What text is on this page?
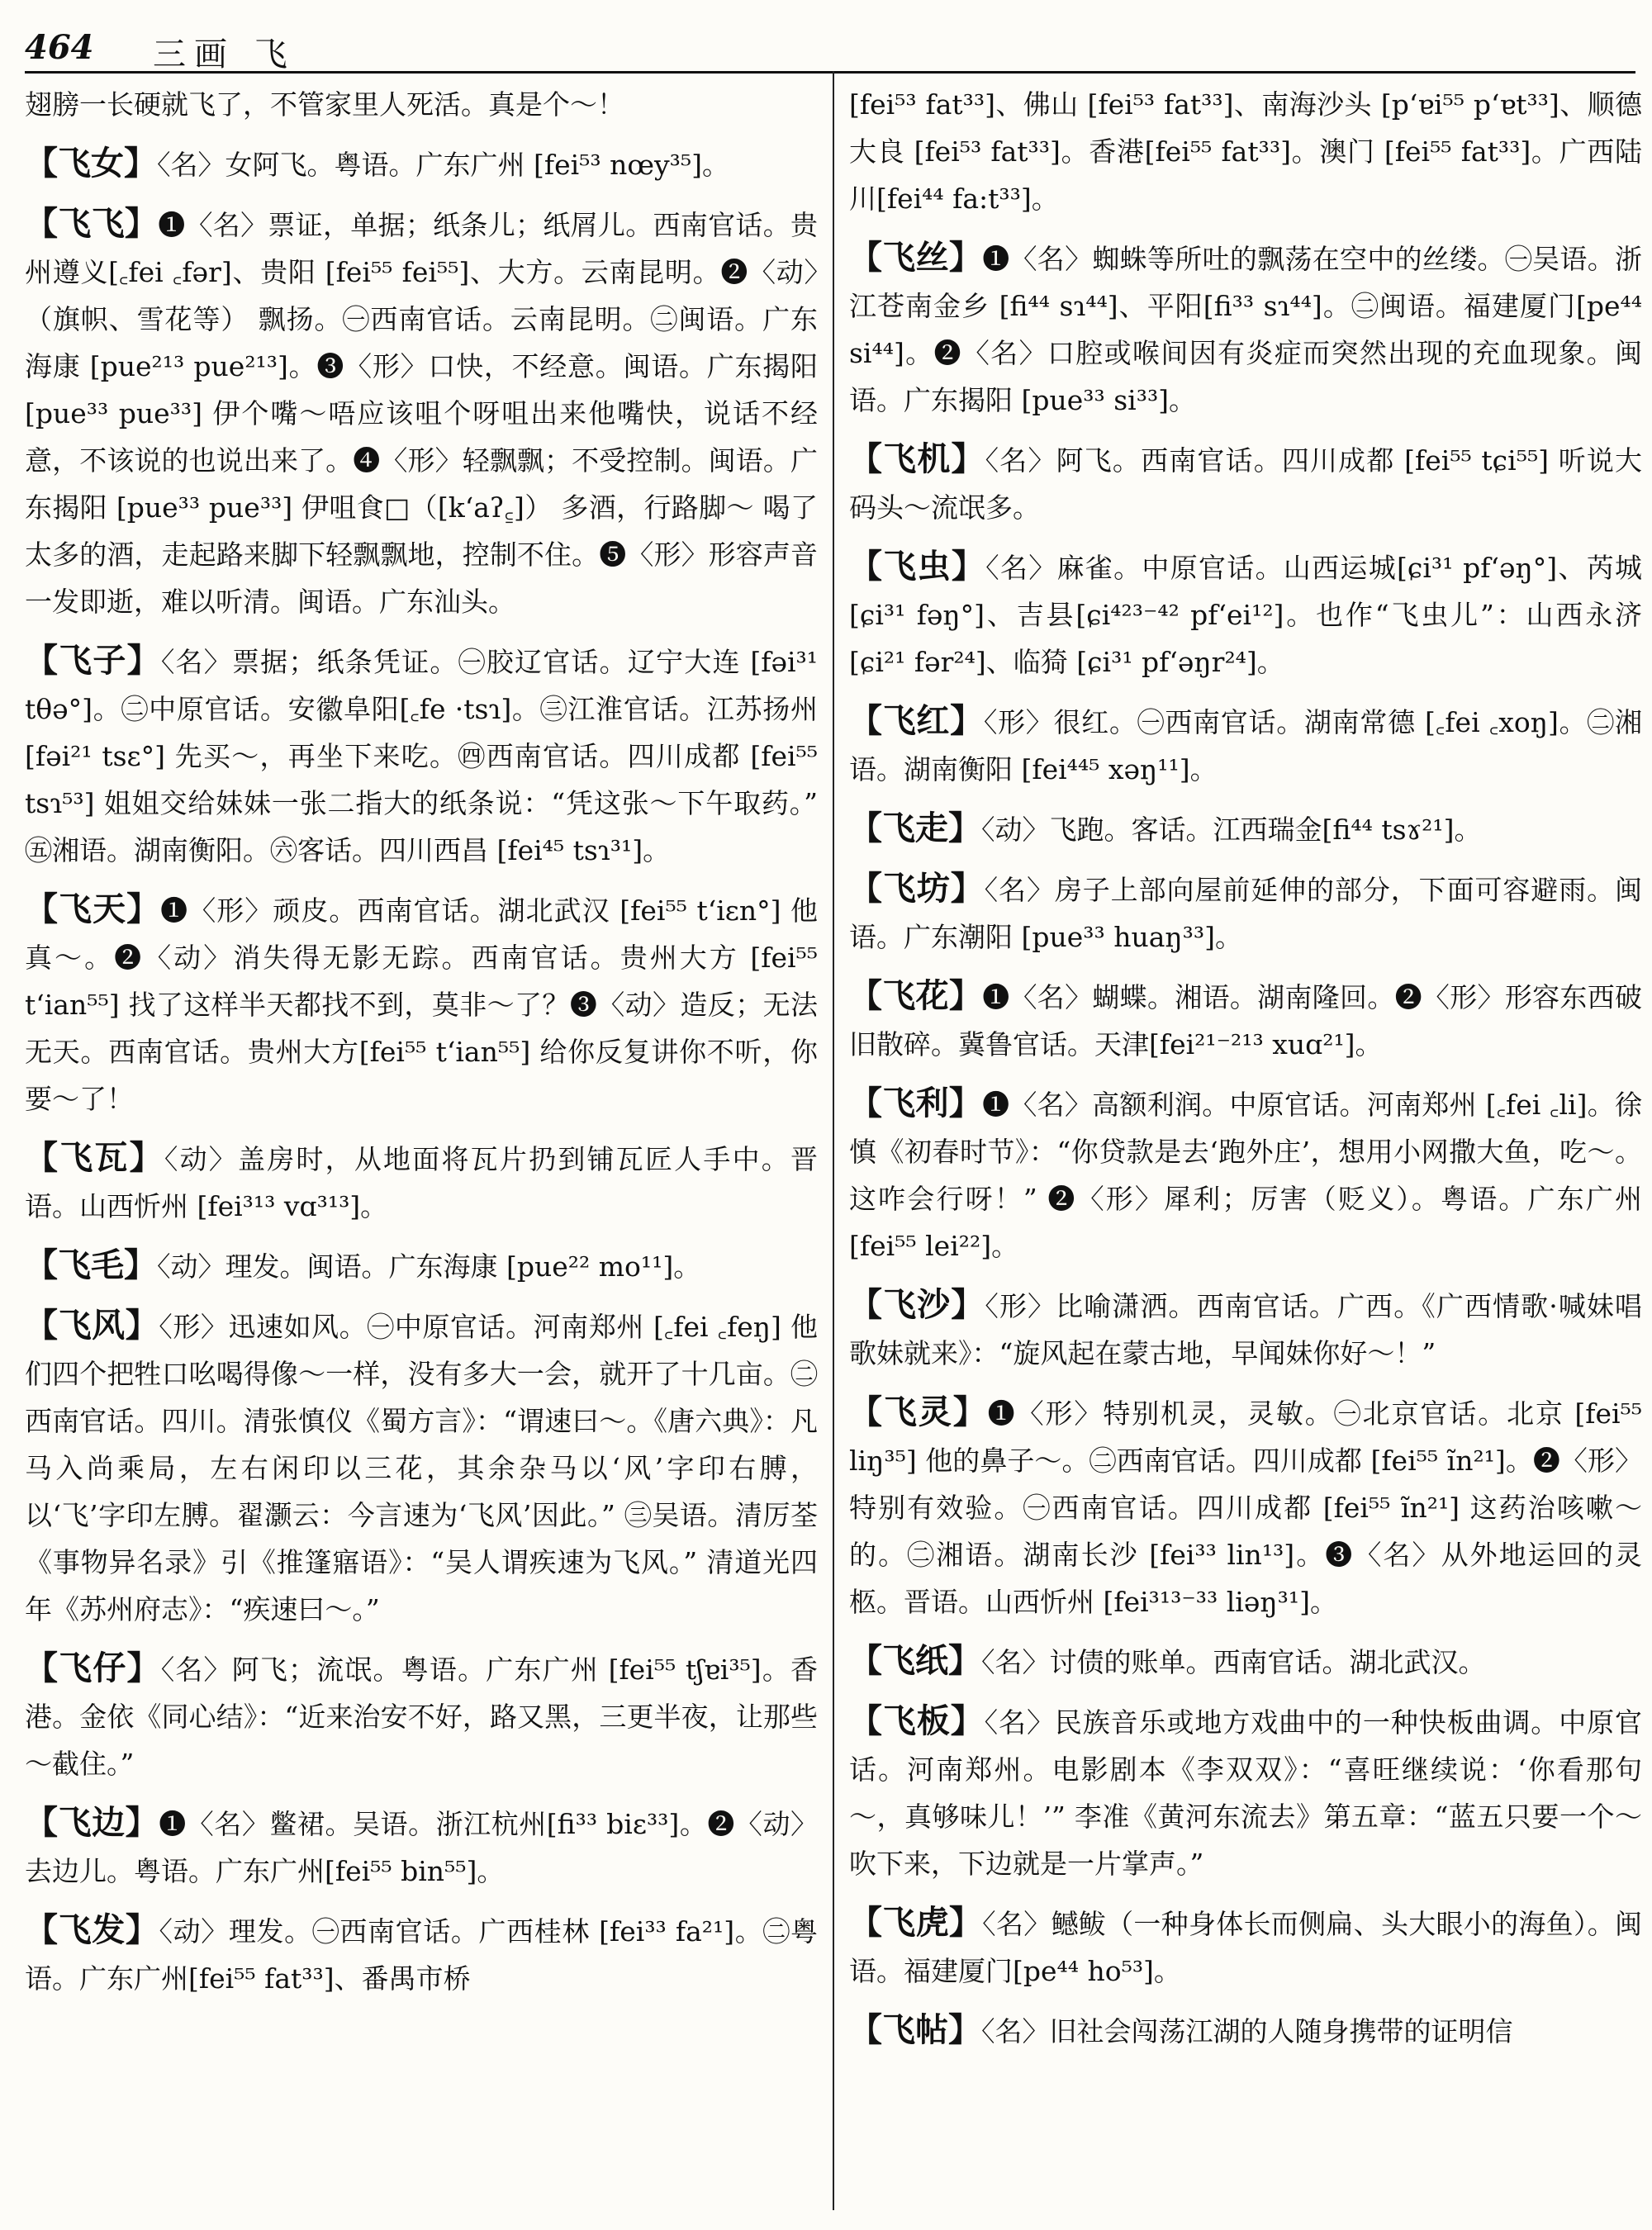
464 三画 飞

翅膀一长硬就飞了，不管家里人死活。真是个～！

【飞女】〈名〉女阿飞。粤语。广东广州 [fei⁵³ nœy³⁵]。

【飞飞】❶〈名〉票证，单据；纸条儿；纸屑儿。西南官话。贵州遵义[꜀fei ꜀fər]、贵阳 [fei⁵⁵ fei⁵⁵]、大方。云南昆明。❷〈动〉（旗帜、雪花等） 飘扬。㊀西南官话。云南昆明。㊁闽语。广东海康 [pue²¹³ pue²¹³]。❸〈形〉口快，不经意。闽语。广东揭阳 [pue³³ pue³³] 伊个嘴～唔应该咀个呀咀出来他嘴快，说话不经意，不该说的也说出来了。❹〈形〉轻飘飘；不受控制。闽语。广东揭阳 [pue³³ pue³³] 伊咀食□（[kʻaʔ꜁]） 多酒，行路脚～ 喝了太多的酒，走起路来脚下轻飘飘地，控制不住。❺〈形〉形容声音一发即逝，难以听清。闽语。广东汕头。

【飞子】〈名〉票据；纸条凭证。㊀胶辽官话。辽宁大连 [fəi³¹ tθə°]。㊁中原官话。安徽阜阳[꜀fe ·tsɿ]。㊂江淮官话。江苏扬州[fəi²¹ tsɛ°] 先买～，再坐下来吃。㊃西南官话。四川成都 [fei⁵⁵ tsɿ⁵³] 姐姐交给妹妹一张二指大的纸条说：“凭这张～下午取药。” ㊄湘语。湖南衡阳。㊅客话。四川西昌 [fei⁴⁵ tsɿ³¹]。

【飞天】❶〈形〉顽皮。西南官话。湖北武汉 [fei⁵⁵ tʻiɛn°] 他真～。❷〈动〉消失得无影无踪。西南官话。贵州大方 [fei⁵⁵ tʻian⁵⁵] 找了这样半天都找不到，莫非～了？❸〈动〉造反；无法无天。西南官话。贵州大方[fei⁵⁵ tʻian⁵⁵] 给你反复讲你不听，你要～了！

【飞瓦】〈动〉盖房时，从地面将瓦片扔到铺瓦匠人手中。晋语。山西忻州 [fei³¹³ vɑ³¹³]。

【飞毛】〈动〉理发。闽语。广东海康 [pue²² mo¹¹]。

【飞风】〈形〉迅速如风。㊀中原官话。河南郑州 [꜀fei ꜀feŋ] 他们四个把牲口吆喝得像～一样，没有多大一会，就开了十几亩。㊁西南官话。四川。清张慎仪《蜀方言》：“谓速曰～。《唐六典》：凡马入尚乘局，左右闲印以三花，其余杂马以‘风’字印右膊，以‘飞’字印左膊。翟灏云：今言速为‘飞风’因此。” ㊂吴语。清厉荃《事物异名录》引《推篷寤语》：“吴人谓疾速为飞风。” 清道光四年《苏州府志》：“疾速曰～。”

【飞仔】〈名〉阿飞；流氓。粤语。广东广州 [fei⁵⁵ tʃɐi³⁵]。香港。金依《同心结》：“近来治安不好，路又黑，三更半夜，让那些～截住。”

【飞边】❶〈名〉鳖裙。吴语。浙江杭州[fi³³ biɛ³³]。❷〈动〉去边儿。粤语。广东广州[fei⁵⁵ bin⁵⁵]。

【飞发】〈动〉理发。㊀西南官话。广西桂林 [fei³³ fa²¹]。㊁粤语。广东广州[fei⁵⁵ fat³³]、番禺市桥

[fei⁵³ fat³³]、佛山 [fei⁵³ fat³³]、南海沙头 [pʻɐi⁵⁵ pʻɐt³³]、顺德大良 [fei⁵³ fat³³]。香港[fei⁵⁵ fat³³]。澳门 [fei⁵⁵ fat³³]。广西陆川[fei⁴⁴ fa:t³³]。

【飞丝】❶〈名〉蜘蛛等所吐的飘荡在空中的丝缕。㊀吴语。浙江苍南金乡 [fi⁴⁴ sɿ⁴⁴]、平阳[fi³³ sɿ⁴⁴]。㊁闽语。福建厦门[pe⁴⁴ si⁴⁴]。❷〈名〉口腔或喉间因有炎症而突然出现的充血现象。闽语。广东揭阳 [pue³³ si³³]。

【飞机】〈名〉阿飞。西南官话。四川成都 [fei⁵⁵ tɕi⁵⁵] 听说大码头～流氓多。

【飞虫】〈名〉麻雀。中原官话。山西运城[ɕi³¹ pfʻəŋ°]、芮城[ɕi³¹ fəŋ°]、吉县[ɕi⁴²³⁻⁴² pfʻei¹²]。也作“飞虫儿”：山西永济[ɕi²¹ fər²⁴]、临猗 [ɕi³¹ pfʻəŋr²⁴]。

【飞红】〈形〉很红。㊀西南官话。湖南常德 [꜀fei ꜀xoŋ]。㊁湘语。湖南衡阳 [fei⁴⁴⁵ xəŋ¹¹]。

【飞走】〈动〉飞跑。客话。江西瑞金[fi⁴⁴ tsɤ²¹]。

【飞坊】〈名〉房子上部向屋前延伸的部分，下面可容避雨。闽语。广东潮阳 [pue³³ huaŋ³³]。

【飞花】❶〈名〉蝴蝶。湘语。湖南隆回。❷〈形〉形容东西破旧散碎。冀鲁官话。天津[fei²¹⁻²¹³ xuɑ²¹]。

【飞利】❶〈名〉高额利润。中原官话。河南郑州 [꜀fei ꜀li]。徐慎《初春时节》：“你贷款是去‘跑外庄’，想用小网撒大鱼，吃～。这咋会行呀！” ❷〈形〉犀利；厉害（贬义）。粤语。广东广州[fei⁵⁵ lei²²]。

【飞沙】〈形〉比喻潇洒。西南官话。广西。《广西情歌·喊妹唱歌妹就来》：“旋风起在蒙古地，早闻妹你好～！”

【飞灵】❶〈形〉特别机灵，灵敏。㊀北京官话。北京 [fei⁵⁵ liŋ³⁵] 他的鼻子～。㊁西南官话。四川成都 [fei⁵⁵ ĩn²¹]。❷〈形〉特别有效验。㊀西南官话。四川成都 [fei⁵⁵ ĩn²¹] 这药治咳嗽～的。㊁湘语。湖南长沙 [fei³³ lin¹³]。❸〈名〉从外地运回的灵柩。晋语。山西忻州 [fei³¹³⁻³³ liəŋ³¹]。

【飞纸】〈名〉讨债的账单。西南官话。湖北武汉。

【飞板】〈名〉民族音乐或地方戏曲中的一种快板曲调。中原官话。河南郑州。电影剧本《李双双》：“喜旺继续说：‘你看那句～，真够味儿！’” 李准《黄河东流去》第五章：“蓝五只要一个～吹下来，下边就是一片掌声。”

【飞虎】〈名〉鳡鲅（一种身体长而侧扁、头大眼小的海鱼）。闽语。福建厦门[pe⁴⁴ ho⁵³]。

【飞帖】〈名〉旧社会闯荡江湖的人随身携带的证明信
